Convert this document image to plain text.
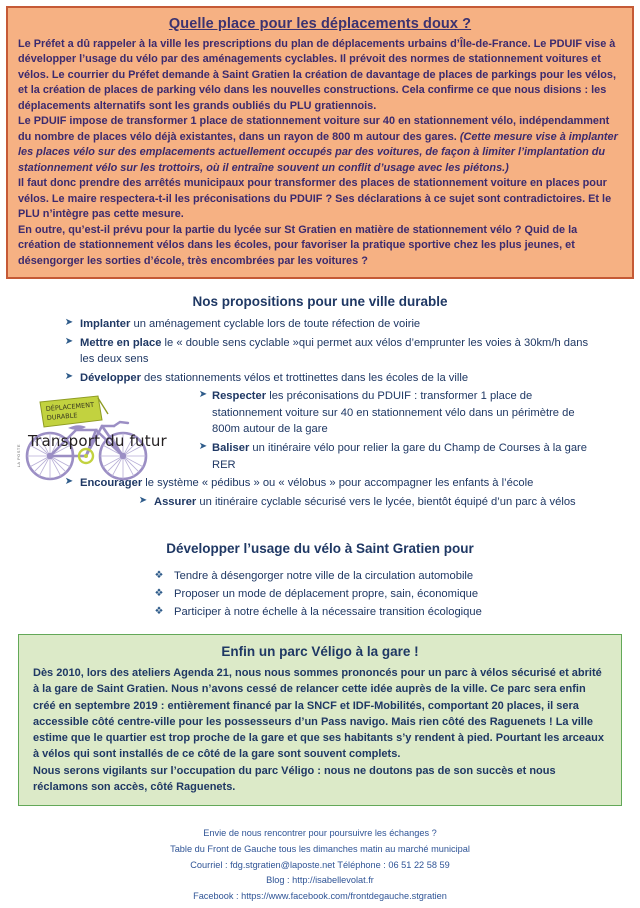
Quelle place pour les déplacements doux ?

Le Préfet a dû rappeler à la ville les prescriptions du plan de déplacements urbains d’Île-de-France. Le PDUIF vise à développer l’usage du vélo par des aménagements cyclables. Il prévoit des normes de stationnement voitures et vélos. Le courrier du Préfet demande à Saint Gratien la création de davantage de places de parkings pour les vélos, et la création de places de parking vélo dans les nouvelles constructions. Cela confirme ce que nous disions : les déplacements alternatifs sont les grands oubliés du PLU gratiennois.

Le PDUIF impose de transformer 1 place de stationnement voiture sur 40 en stationnement vélo, indépendamment du nombre de places vélo déjà existantes, dans un rayon de 800 m autour des gares. (Cette mesure vise à implanter les places vélo sur des emplacements actuellement occupés par des voitures, de façon à limiter l’implantation du stationnement vélo sur les trottoirs, où il entraîne souvent un conflit d’usage avec les piétons.)

Il faut donc prendre des arrêtés municipaux pour transformer des places de stationnement voiture en places pour vélos. Le maire respectera-t-il les préconisations du PDUIF ? Ses déclarations à ce sujet sont contradictoires. Et le PLU n’intègre pas cette mesure.

En outre, qu’est-il prévu pour la partie du lycée sur St Gratien en matière de stationnement vélo ? Quid de la création de stationnement vélos dans les écoles, pour favoriser la pratique sportive chez les plus jeunes, et désengorger les sorties d’école, très encombrées par les voitures ?

Nos propositions pour une ville durable
➤ Implanter un aménagement cyclable lors de toute réfection de voirie
➤ Mettre en place le « double sens cyclable »qui permet aux vélos d’emprunter les voies à 30km/h dans les deux sens
➤ Développer des stationnements vélos et trottinettes dans les écoles de la ville
➤ Respecter les préconisations du PDUIF : transformer 1 place de stationnement voiture sur 40 en stationnement vélo dans un périmètre de 800m autour de la gare
➤ Baliser un itinéraire vélo pour relier la gare du Champ de Courses à la gare RER
➤ Encourager le système « pédibus » ou « vélobus » pour accompagner les enfants à l’école
➤ Assurer un itinéraire cyclable sécurisé vers le lycée, bientôt équipé d’un parc à vélos
DÉPLACEMENT
DURABLE
Transport du futur
LA POSTE
Développer l’usage du vélo à Saint Gratien pour
❖ Tendre à désengorger notre ville de la circulation automobile
❖ Proposer un mode de déplacement propre, sain, économique
❖ Participer à notre échelle à la nécessaire transition écologique
Enfin un parc Véligo à la gare !

Dès 2010, lors des ateliers Agenda 21, nous nous sommes prononcés pour un parc à vélos sécurisé et abrité à la gare de Saint Gratien. Nous n’avons cessé de relancer cette idée auprès de la ville. Ce parc sera enfin créé en septembre 2019 : entièrement financé par la SNCF et IDF-Mobilités, comportant 20 places, il sera accessible côté centre-ville pour les possesseurs d’un Pass navigo. Mais rien côté des Raguenets ! La ville estime que le quartier est trop proche de la gare et que ses habitants s’y rendent à pied. Pourtant les arceaux à vélos qui sont installés de ce côté de la gare sont souvent complets.

Nous serons vigilants sur l’occupation du parc Véligo : nous ne doutons pas de son succès et nous réclamons son accès, côté Raguenets.

Envie de nous rencontrer pour poursuivre les échanges ?
Table du Front de Gauche tous les dimanches matin au marché municipal
Courriel : fdg.stgratien@laposte.net Téléphone : 06 51 22 58 59
Blog : http://isabellevolat.fr
Facebook : https://www.facebook.com/frontdegauche.stgratien
